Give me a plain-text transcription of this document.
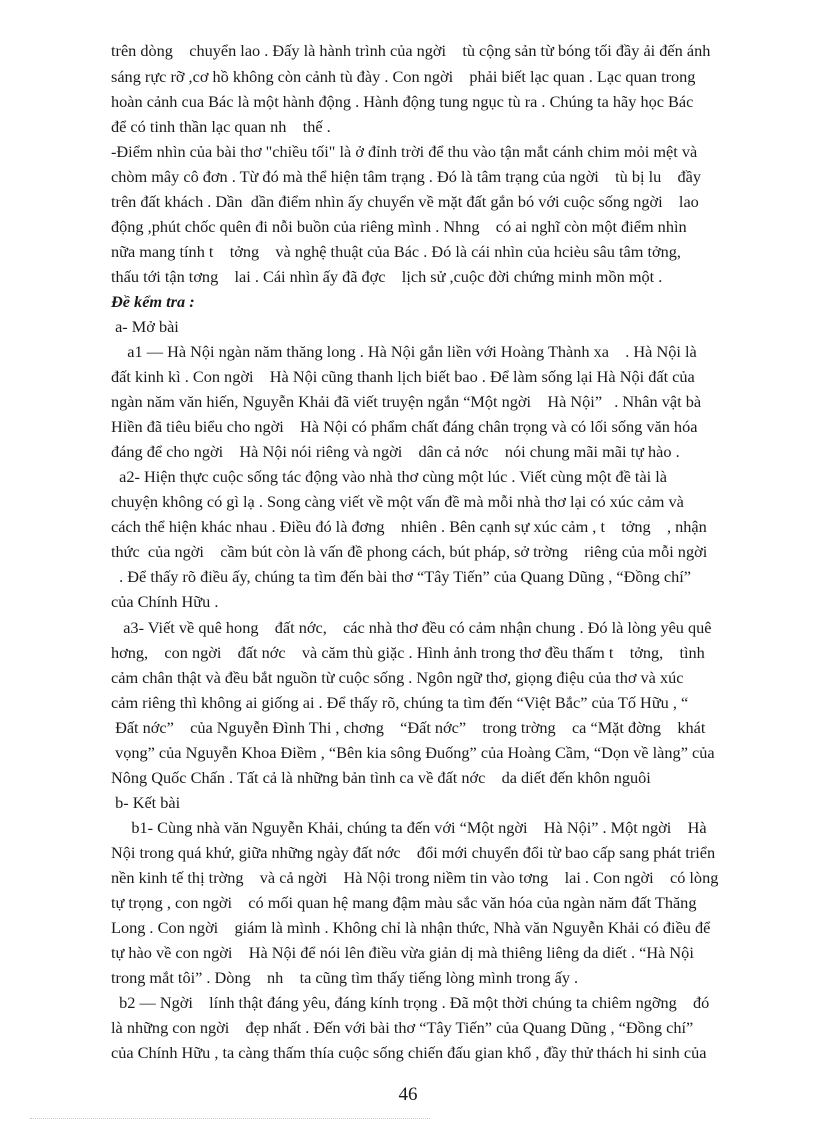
trên dòng    chuyển lao . Đấy là hành trình của ngời    tù cộng sản từ bóng tối đầy ải đến ánh
sáng rực rỡ ,cơ hồ không còn cảnh tù đày . Con ngời    phải biết lạc quan . Lạc quan trong
hoàn cảnh cua Bác là một hành động . Hành động tung ngục tù ra . Chúng ta hãy học Bác
để có tinh thần lạc quan nh    thế .
-Điểm nhìn của bài thơ "chiều tối" là ở đỉnh trời để thu vào tận mắt cánh chim mỏi mệt và
chòm mây cô đơn . Từ đó mà thể hiện tâm trạng . Đó là tâm trạng của ngời    tù bị lu    đầy
trên đất khách . Dần  dần điểm nhìn ấy chuyển về mặt đất gắn bó với cuộc sống ngời    lao
động ,phút chốc quên đi nỗi buồn của riêng mình . Nhng    có ai nghĩ còn một điểm nhìn
nữa mang tính t    tởng    và nghệ thuật của Bác . Đó là cái nhìn của hcièu sâu tâm tởng,
thấu tới tận tơng    lai . Cái nhìn ấy đã đợc    lịch sử ,cuộc đời chứng minh mồn một .
Đề kểm tra :
a- Mở bài
a1 — Hà Nội ngàn năm thăng long . Hà Nội gắn liền với Hoàng Thành xa    . Hà Nội là
đất kinh kì . Con ngời    Hà Nội cũng thanh lịch biết bao . Để làm sống lại Hà Nội đất của
ngàn năm văn hiến, Nguyễn Khải đã viết truyện ngắn “Một ngời    Hà Nội”   . Nhân vật bà
Hiền đã tiêu biểu cho ngời    Hà Nội có phẩm chất đáng chân trọng và có lối sống văn hóa
đáng để cho ngời    Hà Nội nói riêng và ngời    dân cả nớc    nói chung mãi mãi tự hào .
a2- Hiện thực cuộc sống tác động vào nhà thơ cùng một lúc . Viết cùng một đề tài là
chuyện không có gì lạ . Song càng viết về một vấn đề mà mỗi nhà thơ lại có xúc cảm và
cách thể hiện khác nhau . Điều đó là đơng    nhiên . Bên cạnh sự xúc cảm , t    tởng    , nhận
thức  của ngời    cầm bút còn là vấn đề phong cách, bút pháp, sở trờng    riêng của mỗi ngời
. Để thấy rõ điều ấy, chúng ta tìm đến bài thơ “Tây Tiến” của Quang Dũng , “Đồng chí”
của Chính Hữu .
a3- Viết về quê hong    đất nớc,    các nhà thơ đều có cảm nhận chung . Đó là lòng yêu quê
hơng,    con ngời    đất nớc    và căm thù giặc . Hình ảnh trong thơ đều thấm t    tởng,    tình
cảm chân thật và đều bắt nguồn từ cuộc sống . Ngôn ngữ thơ, giọng điệu của thơ và xúc
cảm riêng thì không ai giống ai . Để thấy rõ, chúng ta tìm đến “Việt Bắc” của Tố Hữu , “
Đất nớc”    của Nguyễn Đình Thi , chơng    “Đất nớc”    trong trờng    ca “Mặt đờng    khát
vọng” của Nguyễn Khoa Điềm , “Bên kia sông Đuống” của Hoàng Cầm, “Dọn về làng” của
Nông Quốc Chấn . Tất cả là những bản tình ca về đất nớc    da diết đến khôn nguôi
b- Kết bài
b1- Cùng nhà văn Nguyễn Khải, chúng ta đến với “Một ngời    Hà Nội” . Một ngời    Hà
Nội trong quá khứ, giữa những ngày đất nớc    đổi mới chuyển đổi từ bao cấp sang phát triển
nền kinh tế thị trờng    và cả ngời    Hà Nội trong niềm tin vào tơng    lai . Con ngời    có lòng
tự trọng , con ngời    có mối quan hệ mang đậm màu sắc văn hóa của ngàn năm đất Thăng
Long . Con ngời    giám là mình . Không chỉ là nhận thức, Nhà văn Nguyễn Khải có điều để
tự hào về con ngời    Hà Nội để nói lên điều vừa giản dị mà thiêng liêng da diết . “Hà Nội
trong mắt tôi” . Dòng    nh    ta cũng tìm thấy tiếng lòng mình trong ấy .
b2 — Ngời    lính thật đáng yêu, đáng kính trọng . Đã một thời chúng ta chiêm ngỡng    đó
là những con ngời    đẹp nhất . Đến với bài thơ “Tây Tiến” của Quang Dũng , “Đồng chí”
của Chính Hữu , ta càng thấm thía cuộc sống chiến đấu gian khổ , đầy thử thách hi sinh của
46
